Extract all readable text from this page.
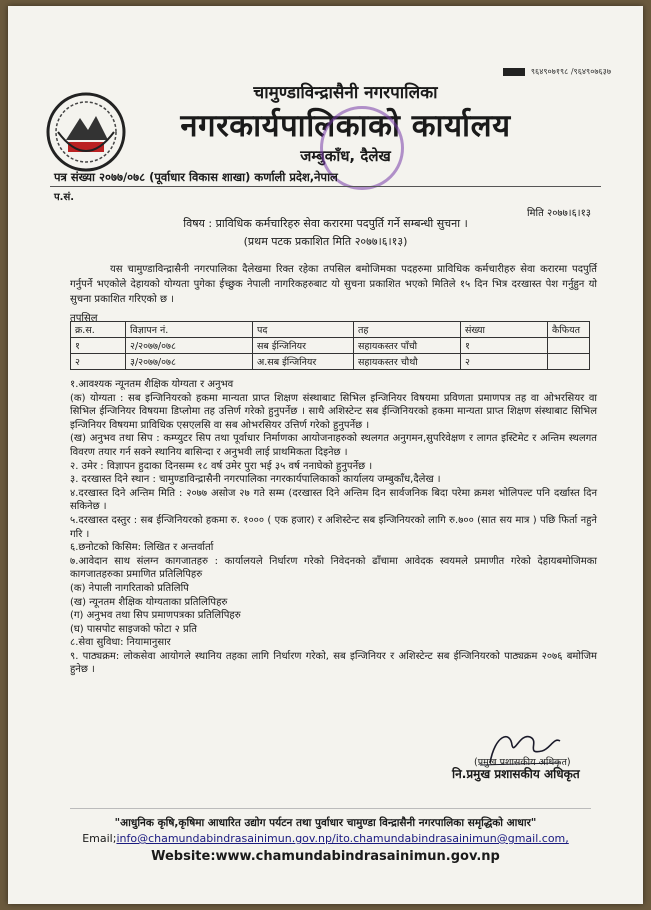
९६४९०७१९८ /९६४९०७६३७
चामुण्डाविन्द्रासैनी नगरपालिका
नगरकार्यपालिकाको कार्यालय
जम्बुकाँध, दैलेख
पत्र संख्या २०७७/०७८ (पूर्वाधार विकास शाखा) कर्णाली प्रदेश,नेपाल
प.सं.
मिति २०७७।६।१३
विषय : प्राविधिक कर्मचारिहरु सेवा करारमा पदपुर्ति गर्ने सम्बन्धी सुचना ।
(प्रथम पटक प्रकाशित मिति २०७७।६।१३)
यस चामुण्डाविन्द्रासैनी नगरपालिका दैलेखमा रिक्त रहेका तपसिल बमोजिमका पदहरुमा प्राविधिक कर्मचारीहरु सेवा करारमा पदपुर्ति गर्नुपर्ने भएकोले देहायको योग्यता पुगेका ईच्छुक नेपाली नागरिकहरुबाट यो सुचना प्रकाशित भएको मितिले १५ दिन भित्र दरखास्त पेश गर्नुहुन यो सुचना प्रकाशित गरिएको छ ।
तपसिल
क्र.स.	विज्ञापन नं.	पद	तह	संख्या	कैफियत
१	२/२०७७/०७८	सब ईन्जिनियर	सहायकस्तर पाँचौ	१	
२	३/२०७७/०७८	अ.सब ईन्जिनियर	सहायकस्तर चौथौ	२	

१.आवश्यक न्यूनतम शैक्षिक योग्यता र अनुभव

(क) योग्यता : सब इन्जिनियरको हकमा मान्यता प्राप्त शिक्षण संस्थाबाट सिभिल इन्जिनियर विषयमा प्रविणता प्रमाणपत्र तह वा ओभरसियर वा सिभिल ईन्जिनियर विषयमा डिप्लोमा तह उत्तिर्ण गरेको हुनुपर्नेछ । साथै अशिस्टेन्ट सब ईन्जिनियरको हकमा मान्यता प्राप्त शिक्षण संस्थाबाट सिभिल इन्जिनियर विषयमा प्राविधिक एसएलसि वा सब ओभरसियर उत्तिर्ण गरेको हुनुपर्नेछ ।

(ख) अनुभव तथा सिप : कम्प्युटर सिप तथा पूर्वाधार निर्माणका आयोजनाहरुको स्थलगत अनुगमन,सुपरिवेक्षण र लागत इस्टिमेट र अन्तिम स्थलगत विवरण तयार गर्न सक्ने स्थानिय बासिन्दा र अनुभवी लाई प्राथमिकता दिइनेछ ।

२. उमेर : विज्ञापन हुदाका दिनसम्म १८ वर्ष उमेर पुरा भई ३५ वर्ष ननाघेको हुनुपर्नेछ ।

३. दरखास्त दिने स्थान : चामुण्डाविन्द्रासैनी नगरपालिका नगरकार्यपालिकाको कार्यालय जम्बुकाँध,दैलेख ।

४.दरखास्त दिने अन्तिम मिति : २०७७ असोज २७ गते सम्म (दरखास्त दिने अन्तिम दिन सार्वजनिक बिदा परेमा क्रमश भोलिपल्ट पनि दर्खास्त दिन सकिनेछ ।

५.दरखास्त दस्तुर : सब ईन्जिनियरको हकमा रु. १००० ( एक हजार) र अशिस्टेन्ट सब इन्जिनियरको लागि रु.७०० (सात सय मात्र ) पछि फिर्ता नहुने गरि ।

६.छनोटको किसिम: लिखित र अन्तर्वार्ता

७.आवेदान साथ संलग्न कागजातहरु : कार्यालयले निर्धारण गरेको निवेदनको ढाँचामा आवेदक स्वयमले प्रमाणीत गरेको देहायबमोजिमका कागजातहरुका प्रमाणित प्रतिलिपिहरु

(क) नेपाली नागरिताको प्रतिलिपि

(ख) न्यूनतम शैक्षिक योग्यताका प्रतिलिपिहरु

(ग) अनुभव तथा सिप प्रमाणपत्रका प्रतिलिपिहरु

(घ) पासपोट साइजको फोटा २ प्रति

८.सेवा सुविधा: नियामानुसार

९. पाठ्यक्रम: लोकसेवा आयोगले स्थानिय तहका लागि निर्धारण गरेको, सब इन्जिनियर र अशिस्टेन्ट सब ईन्जिनियरको पाठ्यक्रम २०७६ बमोजिम हुनेछ ।

(प्रमुख प्रशासकीय अधिकृत)
नि.प्रमुख प्रशासकीय अधिकृत
"आधुनिक कृषि,कृषिमा आधारित उद्योग पर्यटन तथा पुर्वाधार चामुण्डा विन्द्रासैनी नगरपालिका समृद्धिको आधार"
Email;info@chamundabindrasainimun.gov.np/ito.chamundabindrasainimun@gmail.com,
Website:www.chamundabindrasainimun.gov.np
